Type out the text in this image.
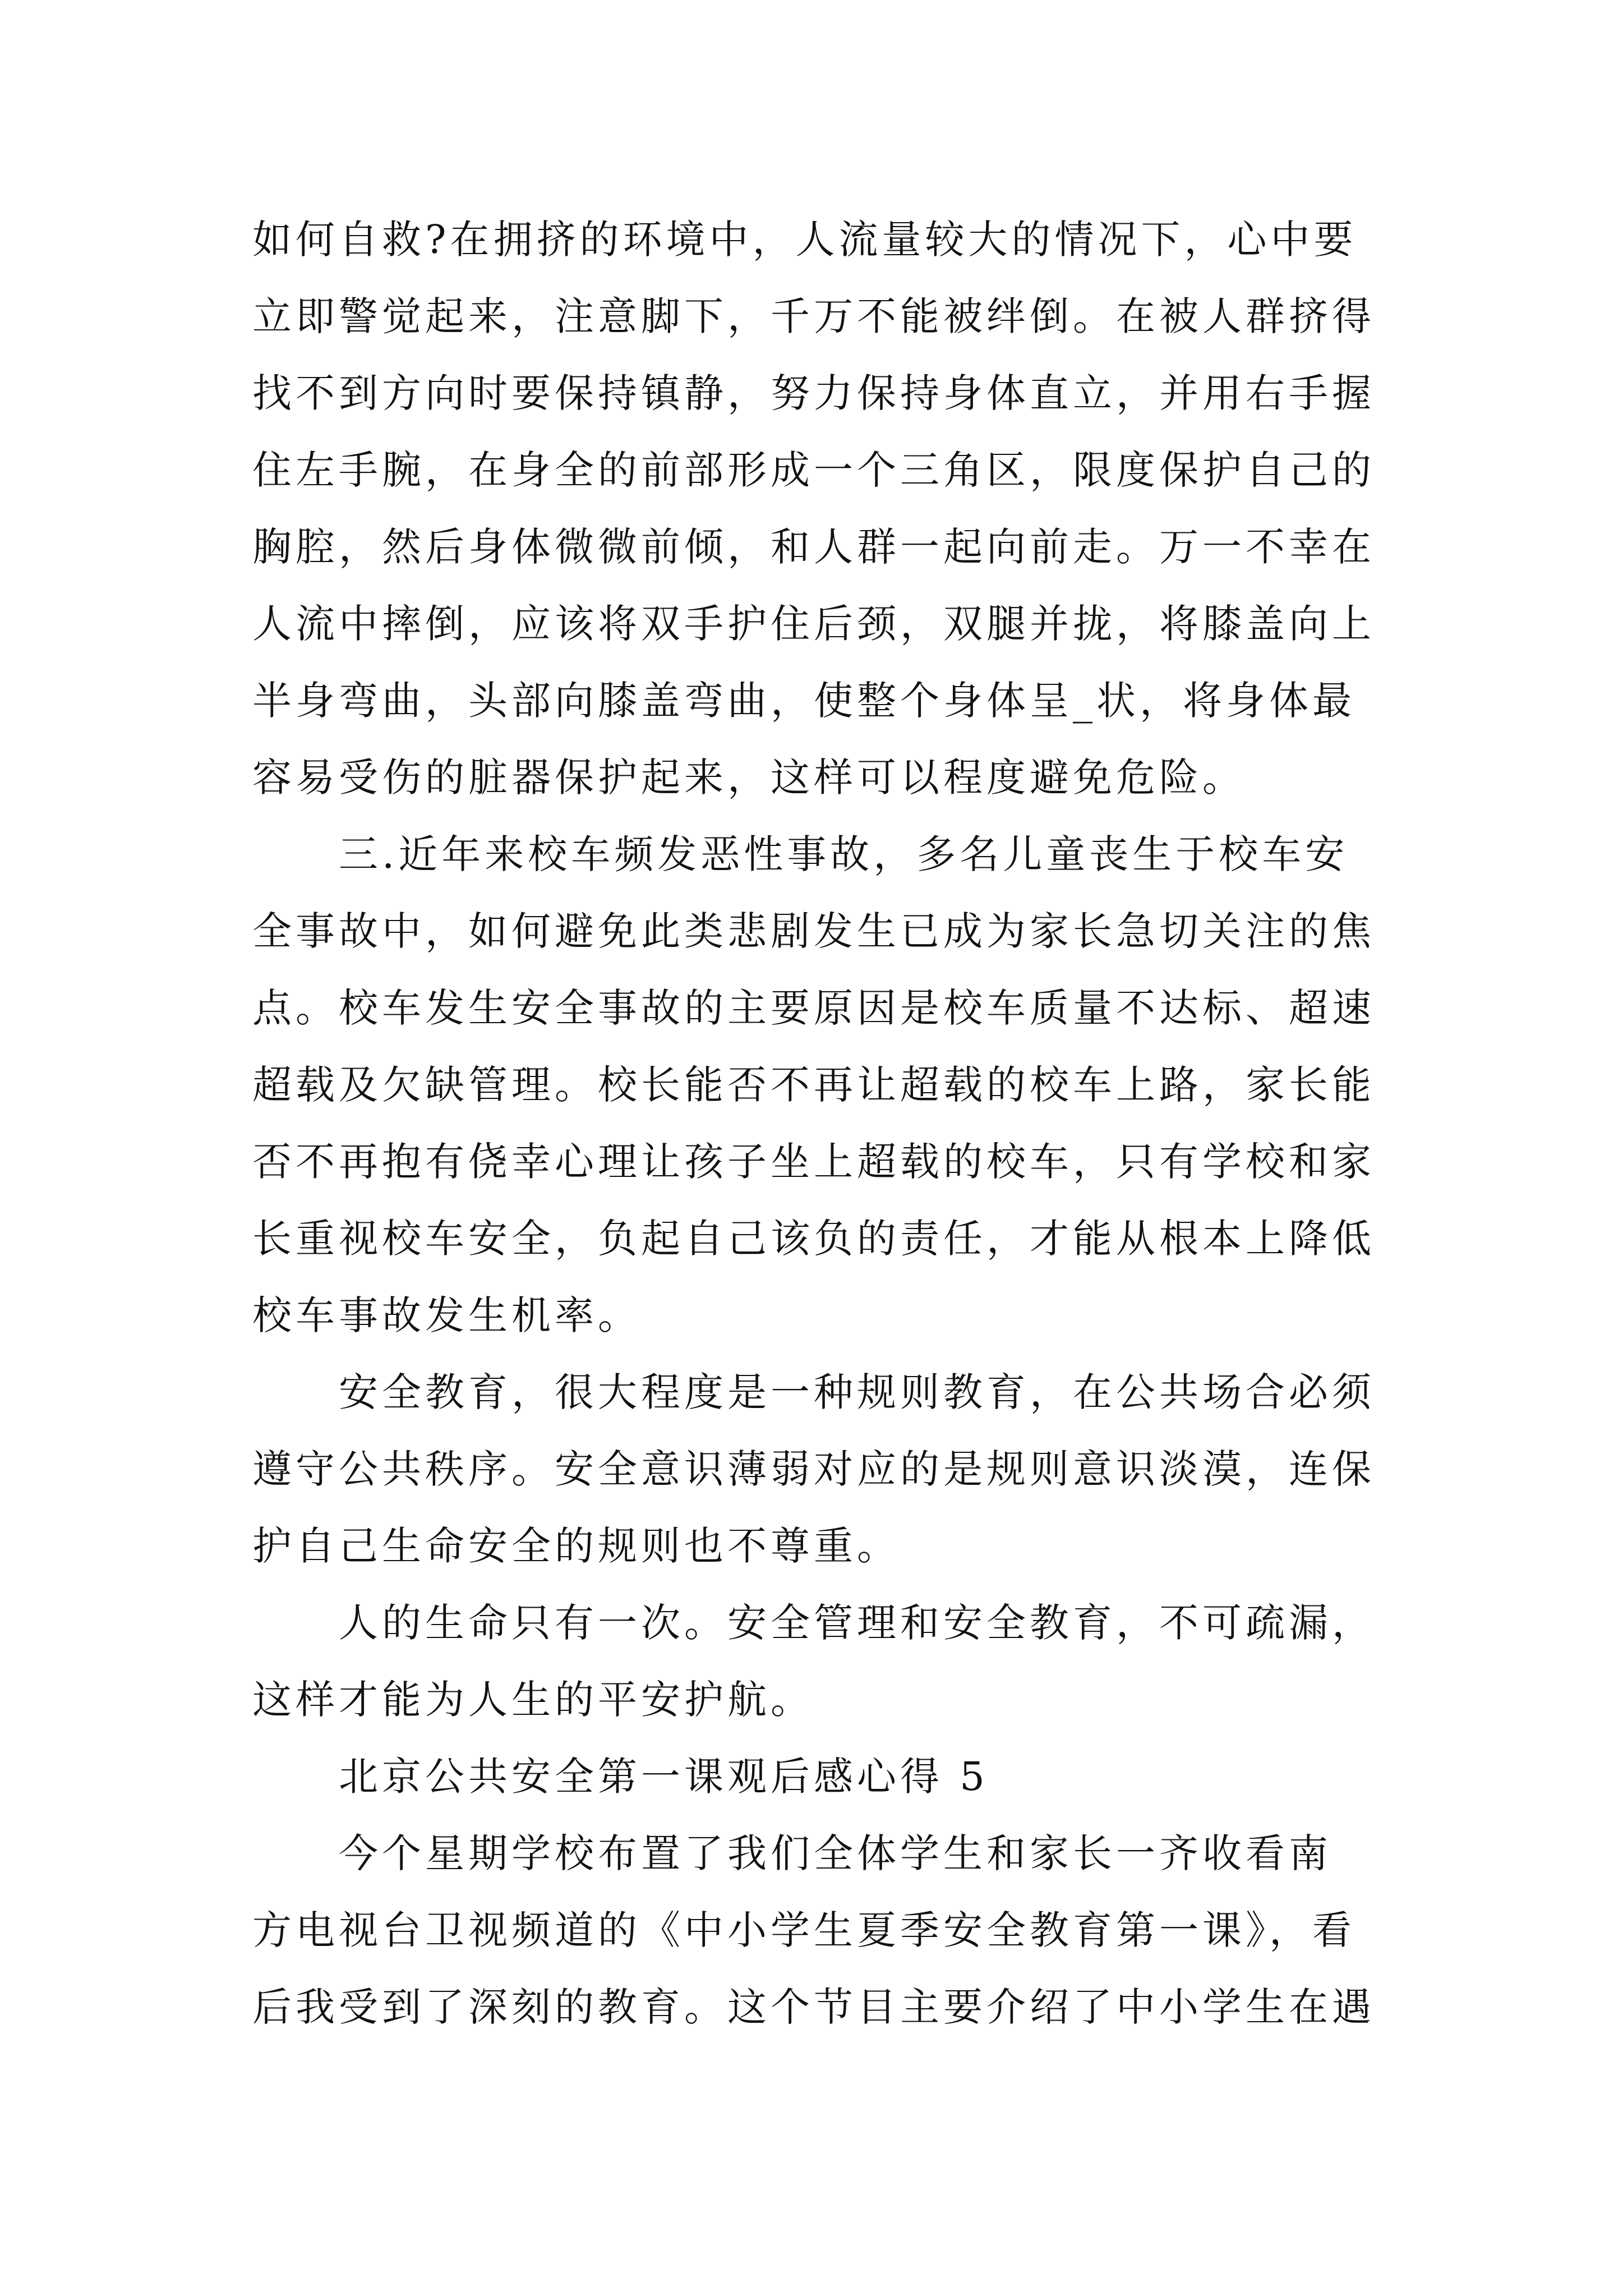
如何自救?在拥挤的环境中，人流量较大的情况下，心中要
立即警觉起来，注意脚下，千万不能被绊倒。在被人群挤得
找不到方向时要保持镇静，努力保持身体直立，并用右手握
住左手腕，在身全的前部形成一个三角区，限度保护自己的
胸腔，然后身体微微前倾，和人群一起向前走。万一不幸在
人流中摔倒，应该将双手护住后颈，双腿并拢，将膝盖向上
半身弯曲，头部向膝盖弯曲，使整个身体呈_状，将身体最
容易受伤的脏器保护起来，这样可以程度避免危险。
　　三.近年来校车频发恶性事故，多名儿童丧生于校车安
全事故中，如何避免此类悲剧发生已成为家长急切关注的焦
点。校车发生安全事故的主要原因是校车质量不达标、超速
超载及欠缺管理。校长能否不再让超载的校车上路，家长能
否不再抱有侥幸心理让孩子坐上超载的校车，只有学校和家
长重视校车安全，负起自己该负的责任，才能从根本上降低
校车事故发生机率。
　　安全教育，很大程度是一种规则教育，在公共场合必须
遵守公共秩序。安全意识薄弱对应的是规则意识淡漠，连保
护自己生命安全的规则也不尊重。
　　人的生命只有一次。安全管理和安全教育，不可疏漏，
这样才能为人生的平安护航。
　　北京公共安全第一课观后感心得 5
　　今个星期学校布置了我们全体学生和家长一齐收看南
方电视台卫视频道的《中小学生夏季安全教育第一课》，看
后我受到了深刻的教育。这个节目主要介绍了中小学生在遇
